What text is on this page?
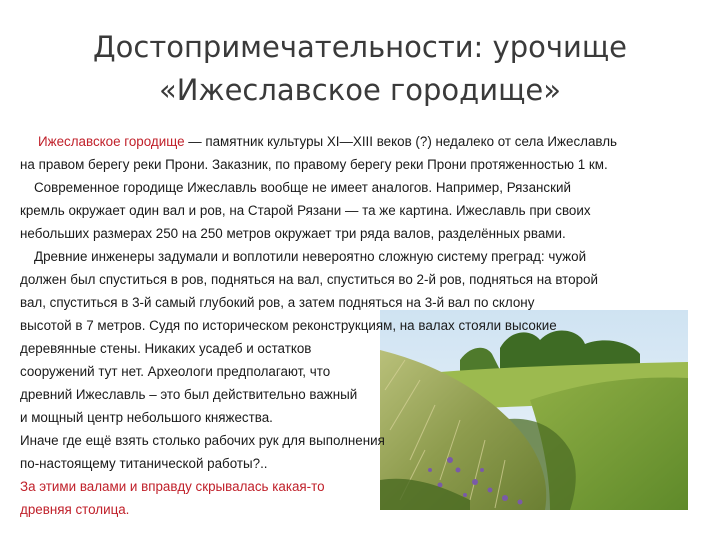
Достопримечательности: урочище
«Ижеславское городище»
Ижеславское городище — памятник культуры XI—XIII веков (?) недалеко от села Ижеславль
на правом берегу реки Прони. Заказник, по правому берегу реки Прони протяженностью 1 км.
Современное городище Ижеславль вообще не имеет аналогов. Например, Рязанский
кремль окружает один вал и ров, на Старой Рязани — та же картина. Ижеславль при своих
небольших размерах 250 на 250 метров окружает три ряда валов, разделённых рвами.
Древние инженеры задумали и воплотили невероятно сложную систему преград: чужой
должен был спуститься в ров, подняться на вал, спуститься во 2-й ров, подняться на второй
вал, спуститься в 3-й самый глубокий ров, а затем подняться на 3-й вал по склону
высотой в 7 метров. Судя по историческом реконструкциям, на валах стояли высокие
деревянные стены. Никаких усадеб и остатков
сооружений тут нет. Археологи предполагают, что
древний Ижеславль – это был действительно важный
и мощный центр небольшого княжества.
Иначе где ещё взять столько рабочих рук для выполнения
по-настоящему титанической работы?..
За этими валами и вправду скрывалась какая-то
древняя столица.
